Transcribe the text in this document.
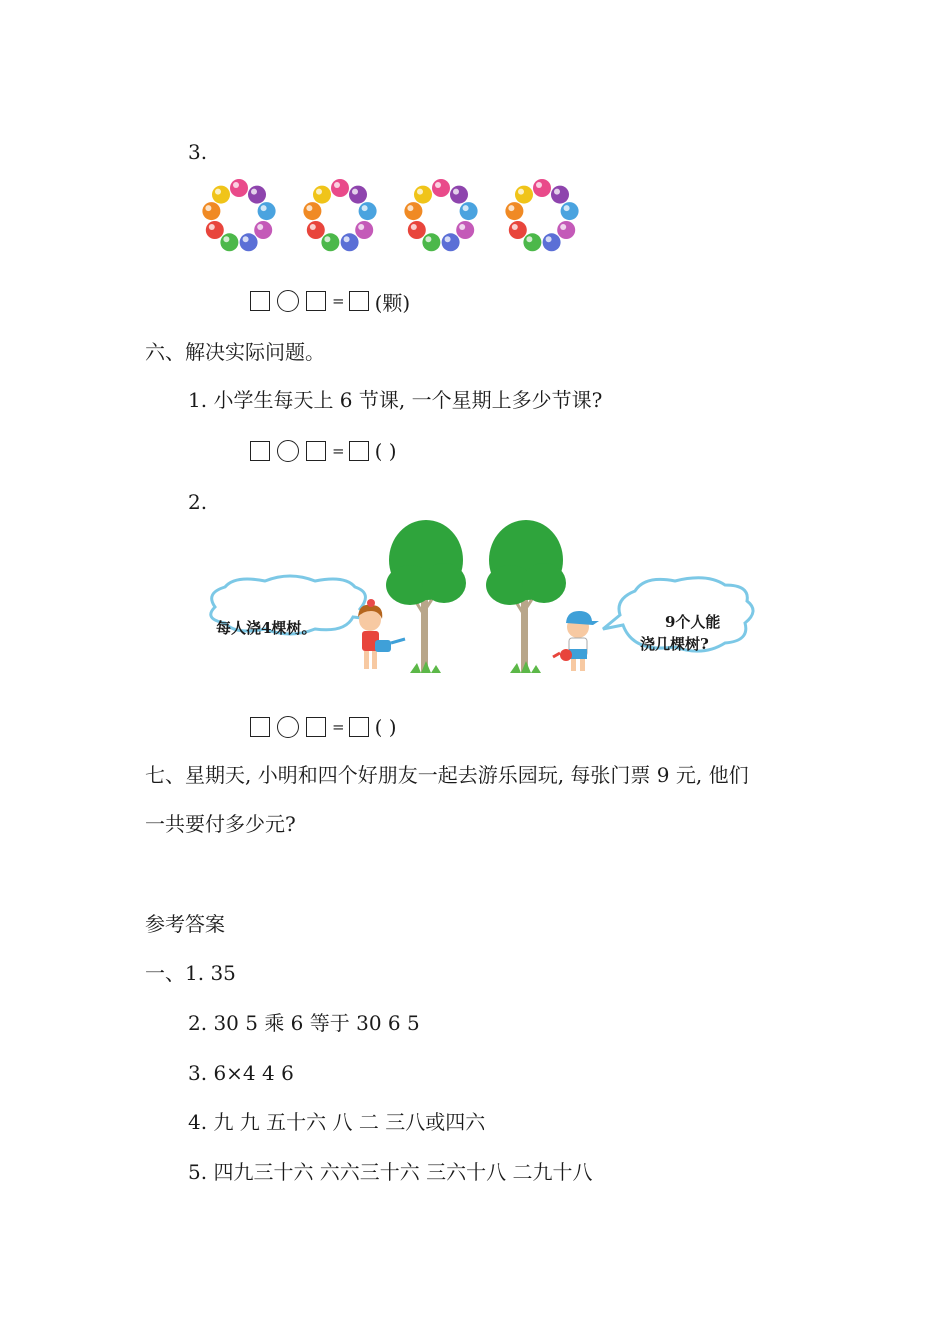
3.
= (颗)
六、解决实际问题。
1. 小学生每天上 6 节课, 一个星期上多少节课?
= ( )
2.
每人浇4棵树。	9个人能
浇几棵树?
= ( )
七、星期天, 小明和四个好朋友一起去游乐园玩, 每张门票 9 元, 他们
一共要付多少元?
参考答案
一、1. 35
2. 30 5 乘 6 等于 30 6 5
3. 6×4 4 6
4. 九 九 五十六 八 二 三八或四六
5. 四九三十六 六六三十六 三六十八 二九十八
